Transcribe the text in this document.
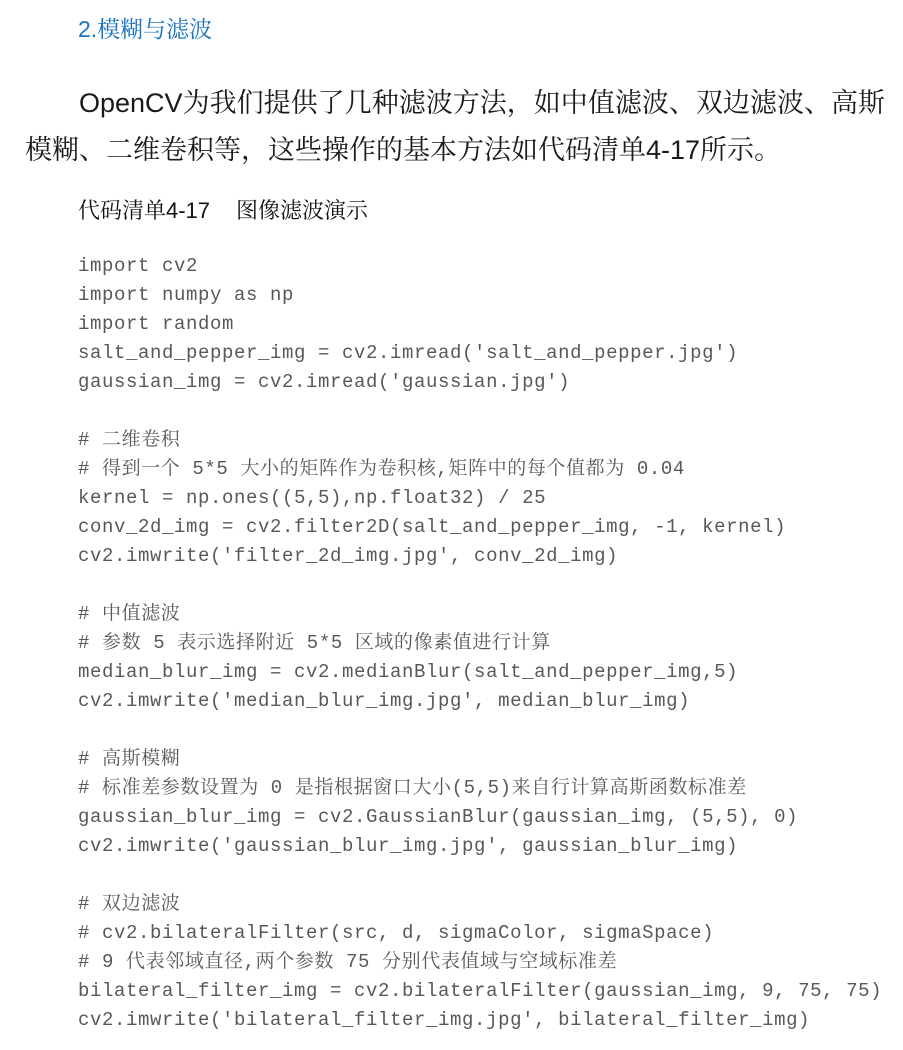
2.模糊与滤波

OpenCV为我们提供了几种滤波方法，如中值滤波、双边滤波、高斯模糊、二维卷积等，这些操作的基本方法如代码清单4-17所示。

代码清单4-17 图像滤波演示
import cv2
import numpy as np
import random
salt_and_pepper_img = cv2.imread('salt_and_pepper.jpg')
gaussian_img = cv2.imread('gaussian.jpg')
# 二维卷积
# 得到一个 5*5 大小的矩阵作为卷积核,矩阵中的每个值都为 0.04
kernel = np.ones((5,5),np.float32) / 25
conv_2d_img = cv2.filter2D(salt_and_pepper_img, -1, kernel)
cv2.imwrite('filter_2d_img.jpg', conv_2d_img)
# 中值滤波
# 参数 5 表示选择附近 5*5 区域的像素值进行计算
median_blur_img = cv2.medianBlur(salt_and_pepper_img,5)
cv2.imwrite('median_blur_img.jpg', median_blur_img)
# 高斯模糊
# 标准差参数设置为 0 是指根据窗口大小(5,5)来自行计算高斯函数标准差
gaussian_blur_img = cv2.GaussianBlur(gaussian_img, (5,5), 0)
cv2.imwrite('gaussian_blur_img.jpg', gaussian_blur_img)
# 双边滤波
# cv2.bilateralFilter(src, d, sigmaColor, sigmaSpace)
# 9 代表邻域直径,两个参数 75 分别代表值域与空域标准差
bilateral_filter_img = cv2.bilateralFilter(gaussian_img, 9, 75, 75)
cv2.imwrite('bilateral_filter_img.jpg', bilateral_filter_img)
